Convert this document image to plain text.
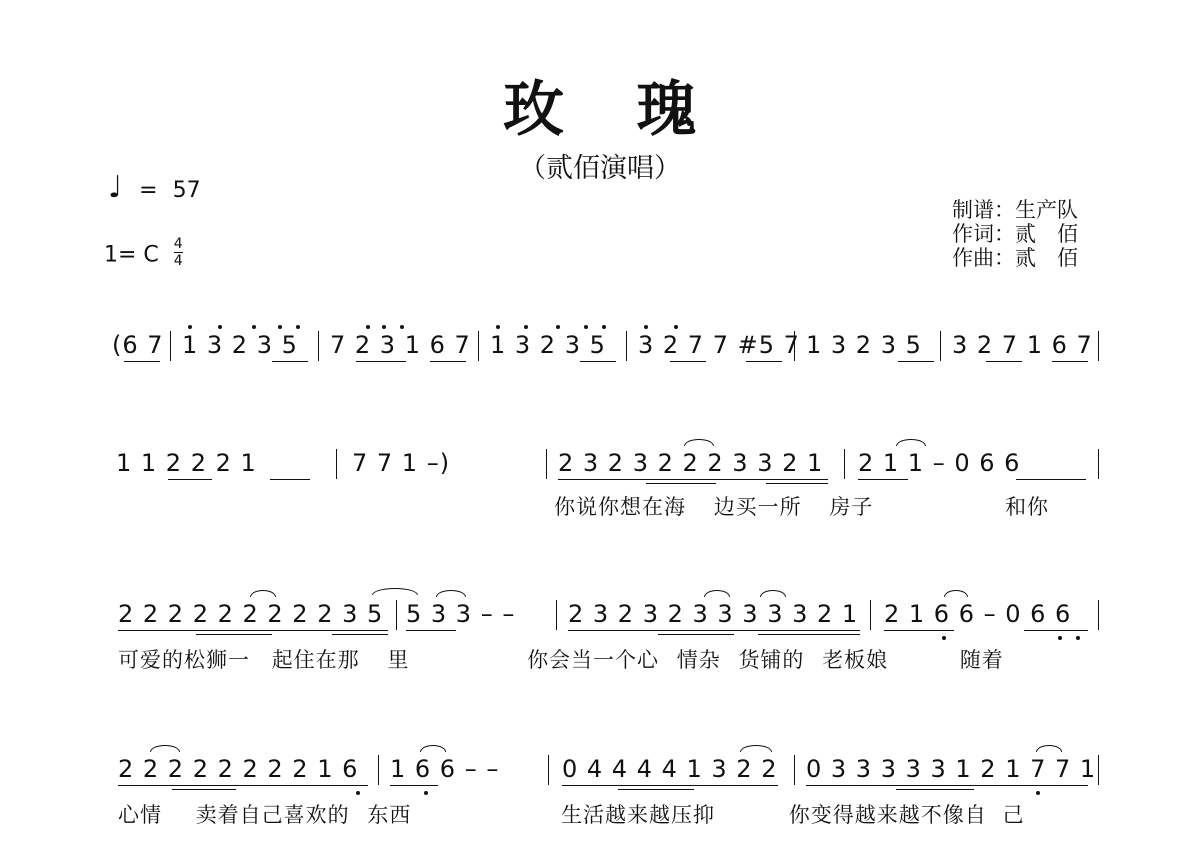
玫 瑰
（贰佰演唱）
♩ = 57
1= C $\frac{4}{4}$
制谱：生产队
作词：贰　佰
作曲：贰　佰
(6 7 1 3 2 3 5 7 2 3 1 6 7 1 3 2 3 5 3 2 7 7 #5 7 1 3 2 3 5 3 2 7 1 6 7
1 1 2 2 2 1	7 7 1 –)	2 3 2 3 2 2 2 3 3 2 1 2 1 1 – 0 6 6
你说你想在海 边买一所 房子	和你
2 2 2 2 2 2 2 2 2 3 5 5 3 3 – – 2 3 2 3 2 3 3 3 3 3 2 1 2 1 6 6 – 0 6 6
可爱的松狮一 起住在那 里	你会当一个心 情杂 货铺的 老板娘	随着
2 2 2 2 2 2 2 2 1 6 1 6 6 – –	0 4 4 4 4 1 3 2 2 0 3 3 3 3 3 1 2 1 7 7 1
心情 卖着自己喜欢的 东西	生活越来越压抑	你变得越来越不像自 己
